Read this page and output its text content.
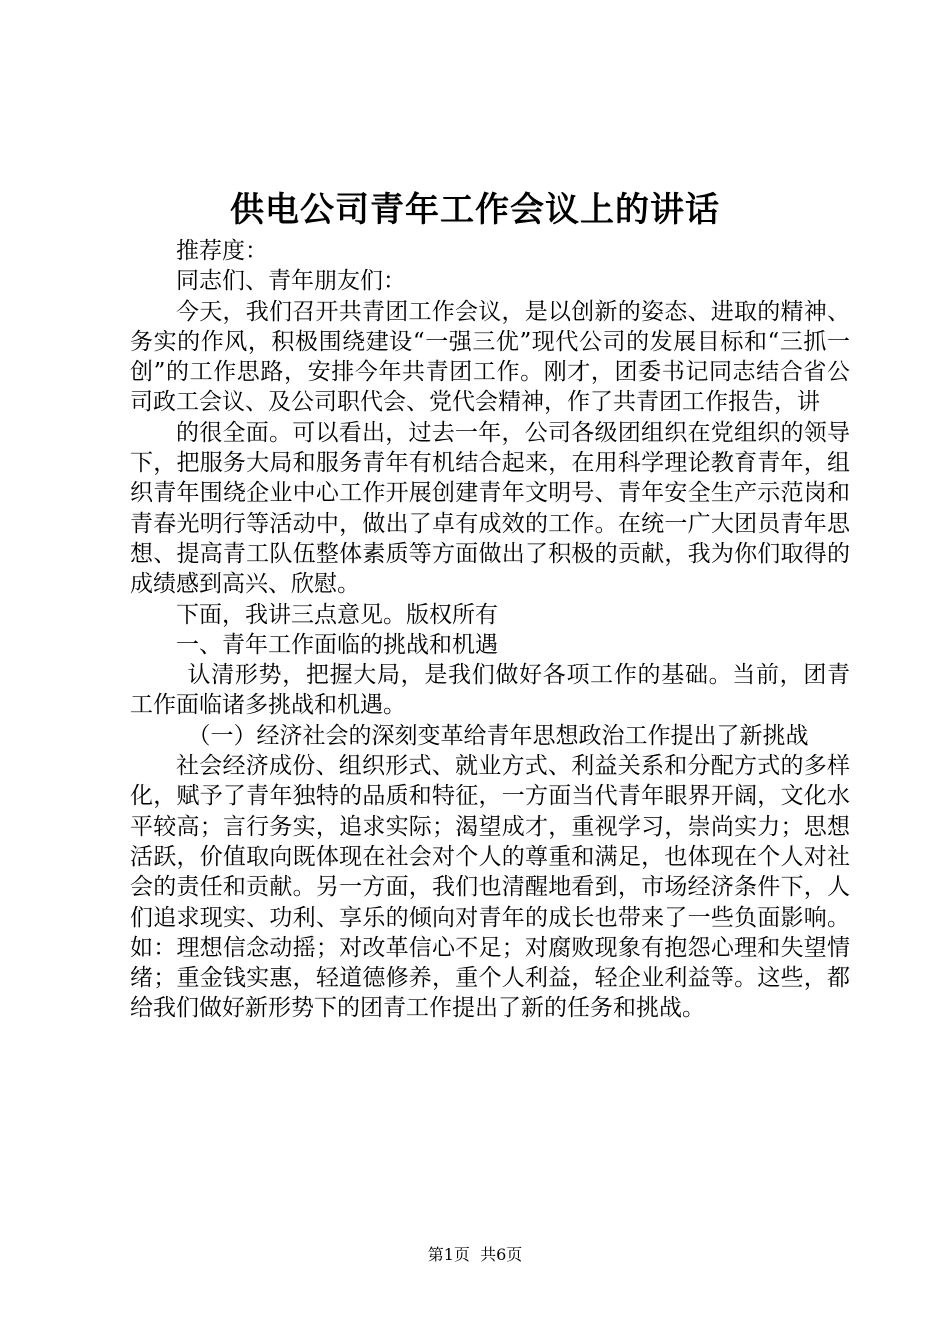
供电公司青年工作会议上的讲话

推荐度：

同志们、青年朋友们：

今天，我们召开共青团工作会议，是以创新的姿态、进取的精神、务实的作风，积极围绕建设“一强三优”现代公司的发展目标和“三抓一创”的工作思路，安排今年共青团工作。刚才，团委书记同志结合省公司政工会议、及公司职代会、党代会精神，作了共青团工作报告，讲

的很全面。可以看出，过去一年，公司各级团组织在党组织的领导下，把服务大局和服务青年有机结合起来，在用科学理论教育青年，组织青年围绕企业中心工作开展创建青年文明号、青年安全生产示范岗和青春光明行等活动中，做出了卓有成效的工作。在统一广大团员青年思想、提高青工队伍整体素质等方面做出了积极的贡献，我为你们取得的成绩感到高兴、欣慰。

下面，我讲三点意见。版权所有

一、青年工作面临的挑战和机遇

认清形势，把握大局，是我们做好各项工作的基础。当前，团青工作面临诸多挑战和机遇。

（一）经济社会的深刻变革给青年思想政治工作提出了新挑战

社会经济成份、组织形式、就业方式、利益关系和分配方式的多样化，赋予了青年独特的品质和特征，一方面当代青年眼界开阔，文化水平较高；言行务实，追求实际；渴望成才，重视学习，崇尚实力；思想活跃，价值取向既体现在社会对个人的尊重和满足，也体现在个人对社会的责任和贡献。另一方面，我们也清醒地看到，市场经济条件下，人们追求现实、功利、享乐的倾向对青年的成长也带来了一些负面影响。如：理想信念动摇；对改革信心不足；对腐败现象有抱怨心理和失望情绪；重金钱实惠，轻道德修养，重个人利益，轻企业利益等。这些，都给我们做好新形势下的团青工作提出了新的任务和挑战。

第1页  共6页
